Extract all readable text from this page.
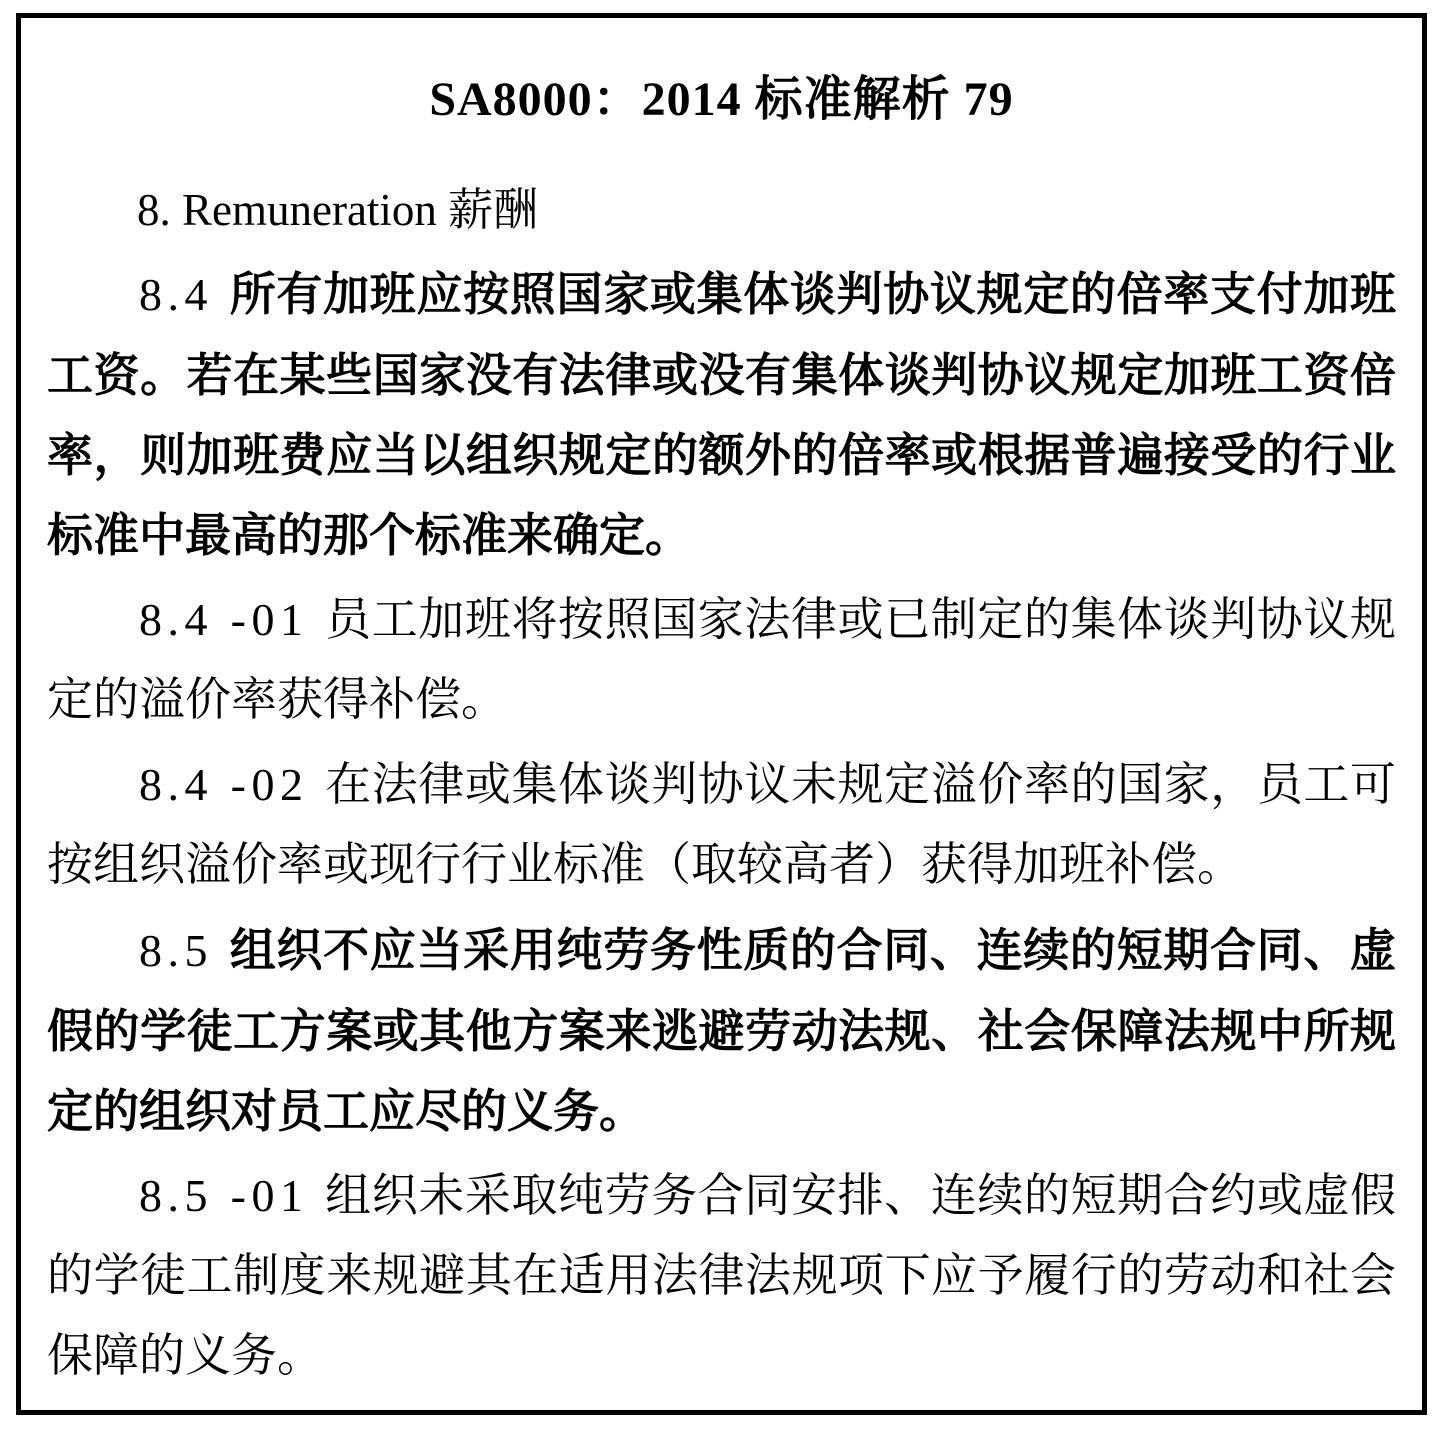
SA8000：2014 标准解析 79

8. Remuneration 薪酬

8.4 所有加班应按照国家或集体谈判协议规定的倍率支付加班工资。若在某些国家没有法律或没有集体谈判协议规定加班工资倍率，则加班费应当以组织规定的额外的倍率或根据普遍接受的行业标准中最高的那个标准来确定。

8.4 -01 员工加班将按照国家法律或已制定的集体谈判协议规定的溢价率获得补偿。

8.4 -02 在法律或集体谈判协议未规定溢价率的国家，员工可按组织溢价率或现行行业标准（取较高者）获得加班补偿。

8.5 组织不应当采用纯劳务性质的合同、连续的短期合同、虚假的学徒工方案或其他方案来逃避劳动法规、社会保障法规中所规定的组织对员工应尽的义务。

8.5 -01 组织未采取纯劳务合同安排、连续的短期合约或虚假的学徒工制度来规避其在适用法律法规项下应予履行的劳动和社会保障的义务。
